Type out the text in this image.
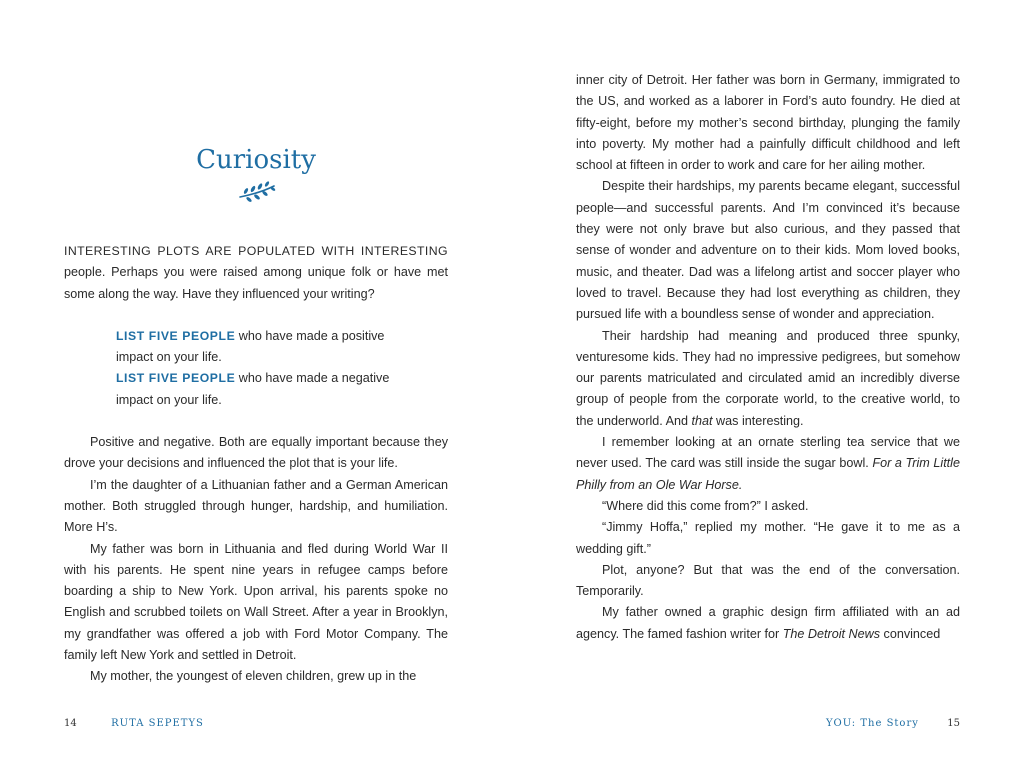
Curiosity

INTERESTING PLOTS ARE POPULATED WITH INTERESTING people. Perhaps you were raised among unique folk or have met some along the way. Have they influenced your writing?

LIST FIVE PEOPLE who have made a positive impact on your life.
LIST FIVE PEOPLE who have made a negative impact on your life.

Positive and negative. Both are equally important because they drove your decisions and influenced the plot that is your life.

I’m the daughter of a Lithuanian father and a German American mother. Both struggled through hunger, hardship, and humiliation. More H’s.

My father was born in Lithuania and fled during World War II with his parents. He spent nine years in refugee camps before boarding a ship to New York. Upon arrival, his parents spoke no English and scrubbed toilets on Wall Street. After a year in Brooklyn, my grandfather was offered a job with Ford Motor Company. The family left New York and settled in Detroit.

My mother, the youngest of eleven children, grew up in the

14	RUTA SEPETYS

inner city of Detroit. Her father was born in Germany, immigrated to the US, and worked as a laborer in Ford’s auto foundry. He died at fifty-eight, before my mother’s second birthday, plunging the family into poverty. My mother had a painfully difficult childhood and left school at fifteen in order to work and care for her ailing mother.

Despite their hardships, my parents became elegant, successful people—and successful parents. And I’m convinced it’s because they were not only brave but also curious, and they passed that sense of wonder and adventure on to their kids. Mom loved books, music, and theater. Dad was a lifelong artist and soccer player who loved to travel. Because they had lost everything as children, they pursued life with a boundless sense of wonder and appreciation.

Their hardship had meaning and produced three spunky, venturesome kids. They had no impressive pedigrees, but somehow our parents matriculated and circulated amid an incredibly diverse group of people from the corporate world, to the creative world, to the underworld. And that was interesting.

I remember looking at an ornate sterling tea service that we never used. The card was still inside the sugar bowl. For a Trim Little Philly from an Ole War Horse.

“Where did this come from?” I asked.

“Jimmy Hoffa,” replied my mother. “He gave it to me as a wedding gift.”

Plot, anyone? But that was the end of the conversation. Temporarily.

My father owned a graphic design firm affiliated with an ad agency. The famed fashion writer for The Detroit News convinced

YOU: The Story	15
